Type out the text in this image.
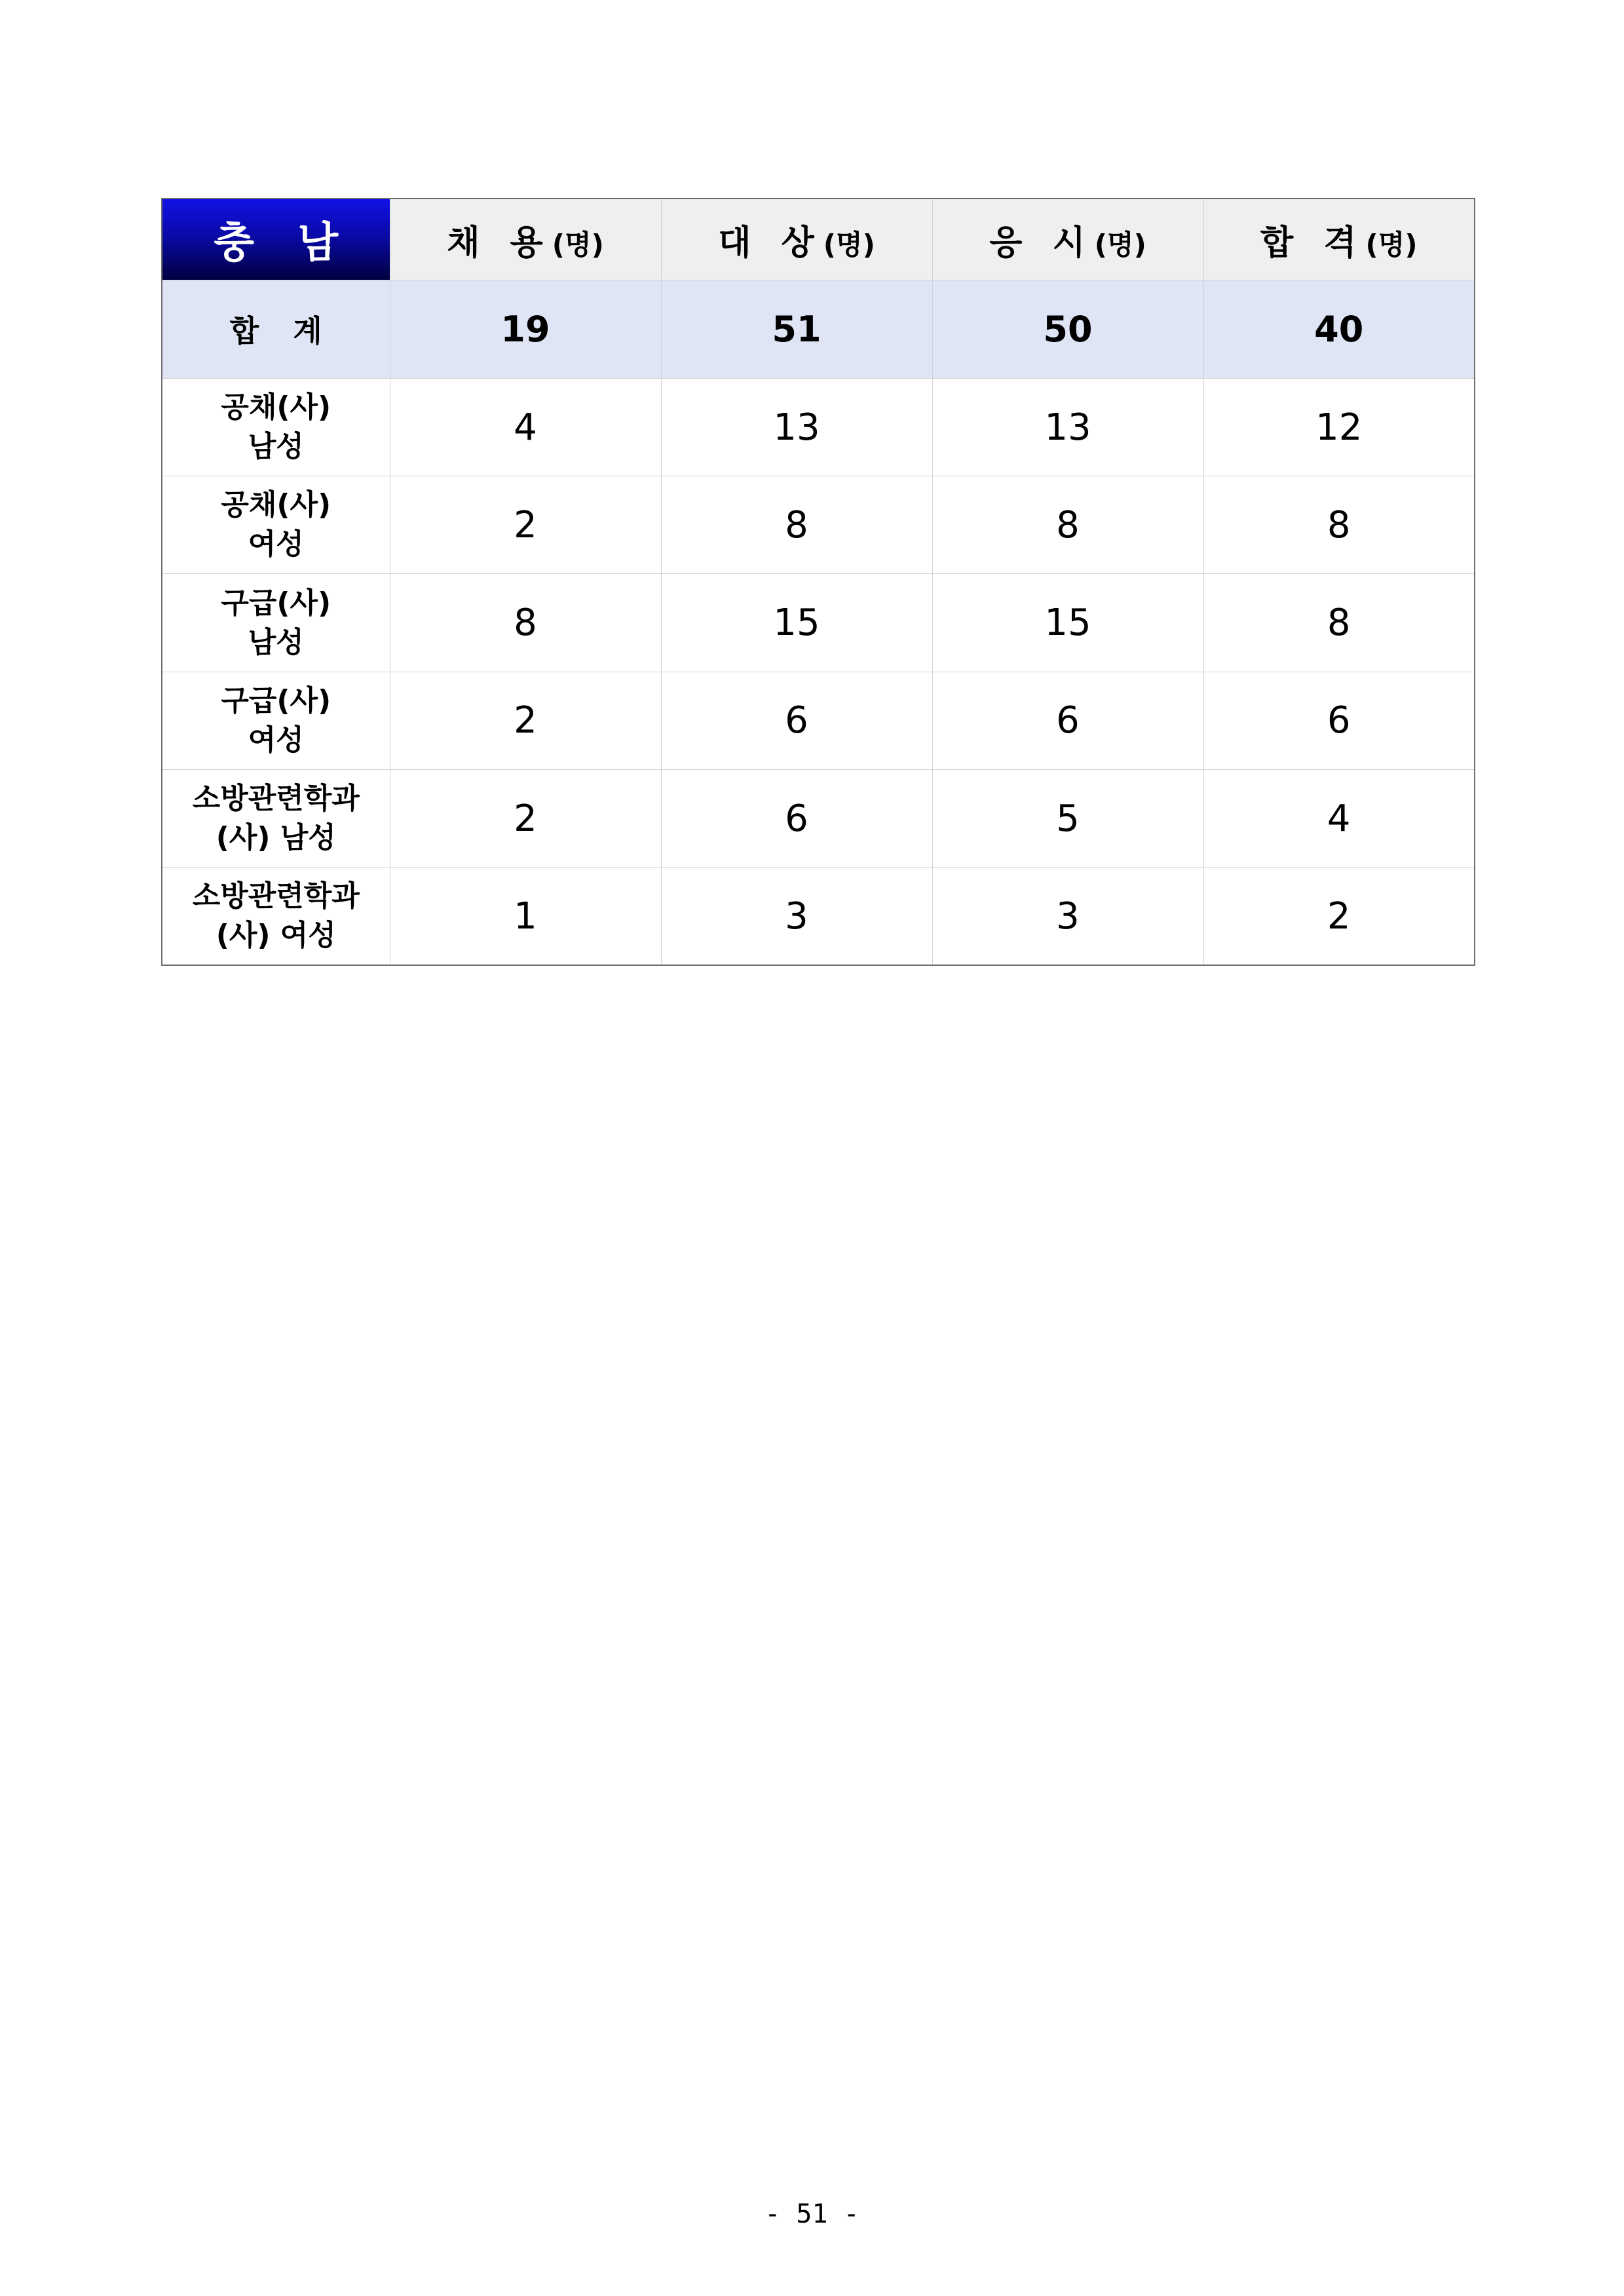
충 남	채 용(명)	대 상(명)	응 시(명)	합 격(명)
합 계	19	51	50	40

공채(사)
남성	4	13	13	12

공채(사)
여성	2	8	8	8

구급(사)
남성	8	15	15	8

구급(사)
여성	2	6	6	6

소방관련학과
(사) 남성	2	6	5	4

소방관련학과
(사) 여성	1	3	3	2
- 51 -
